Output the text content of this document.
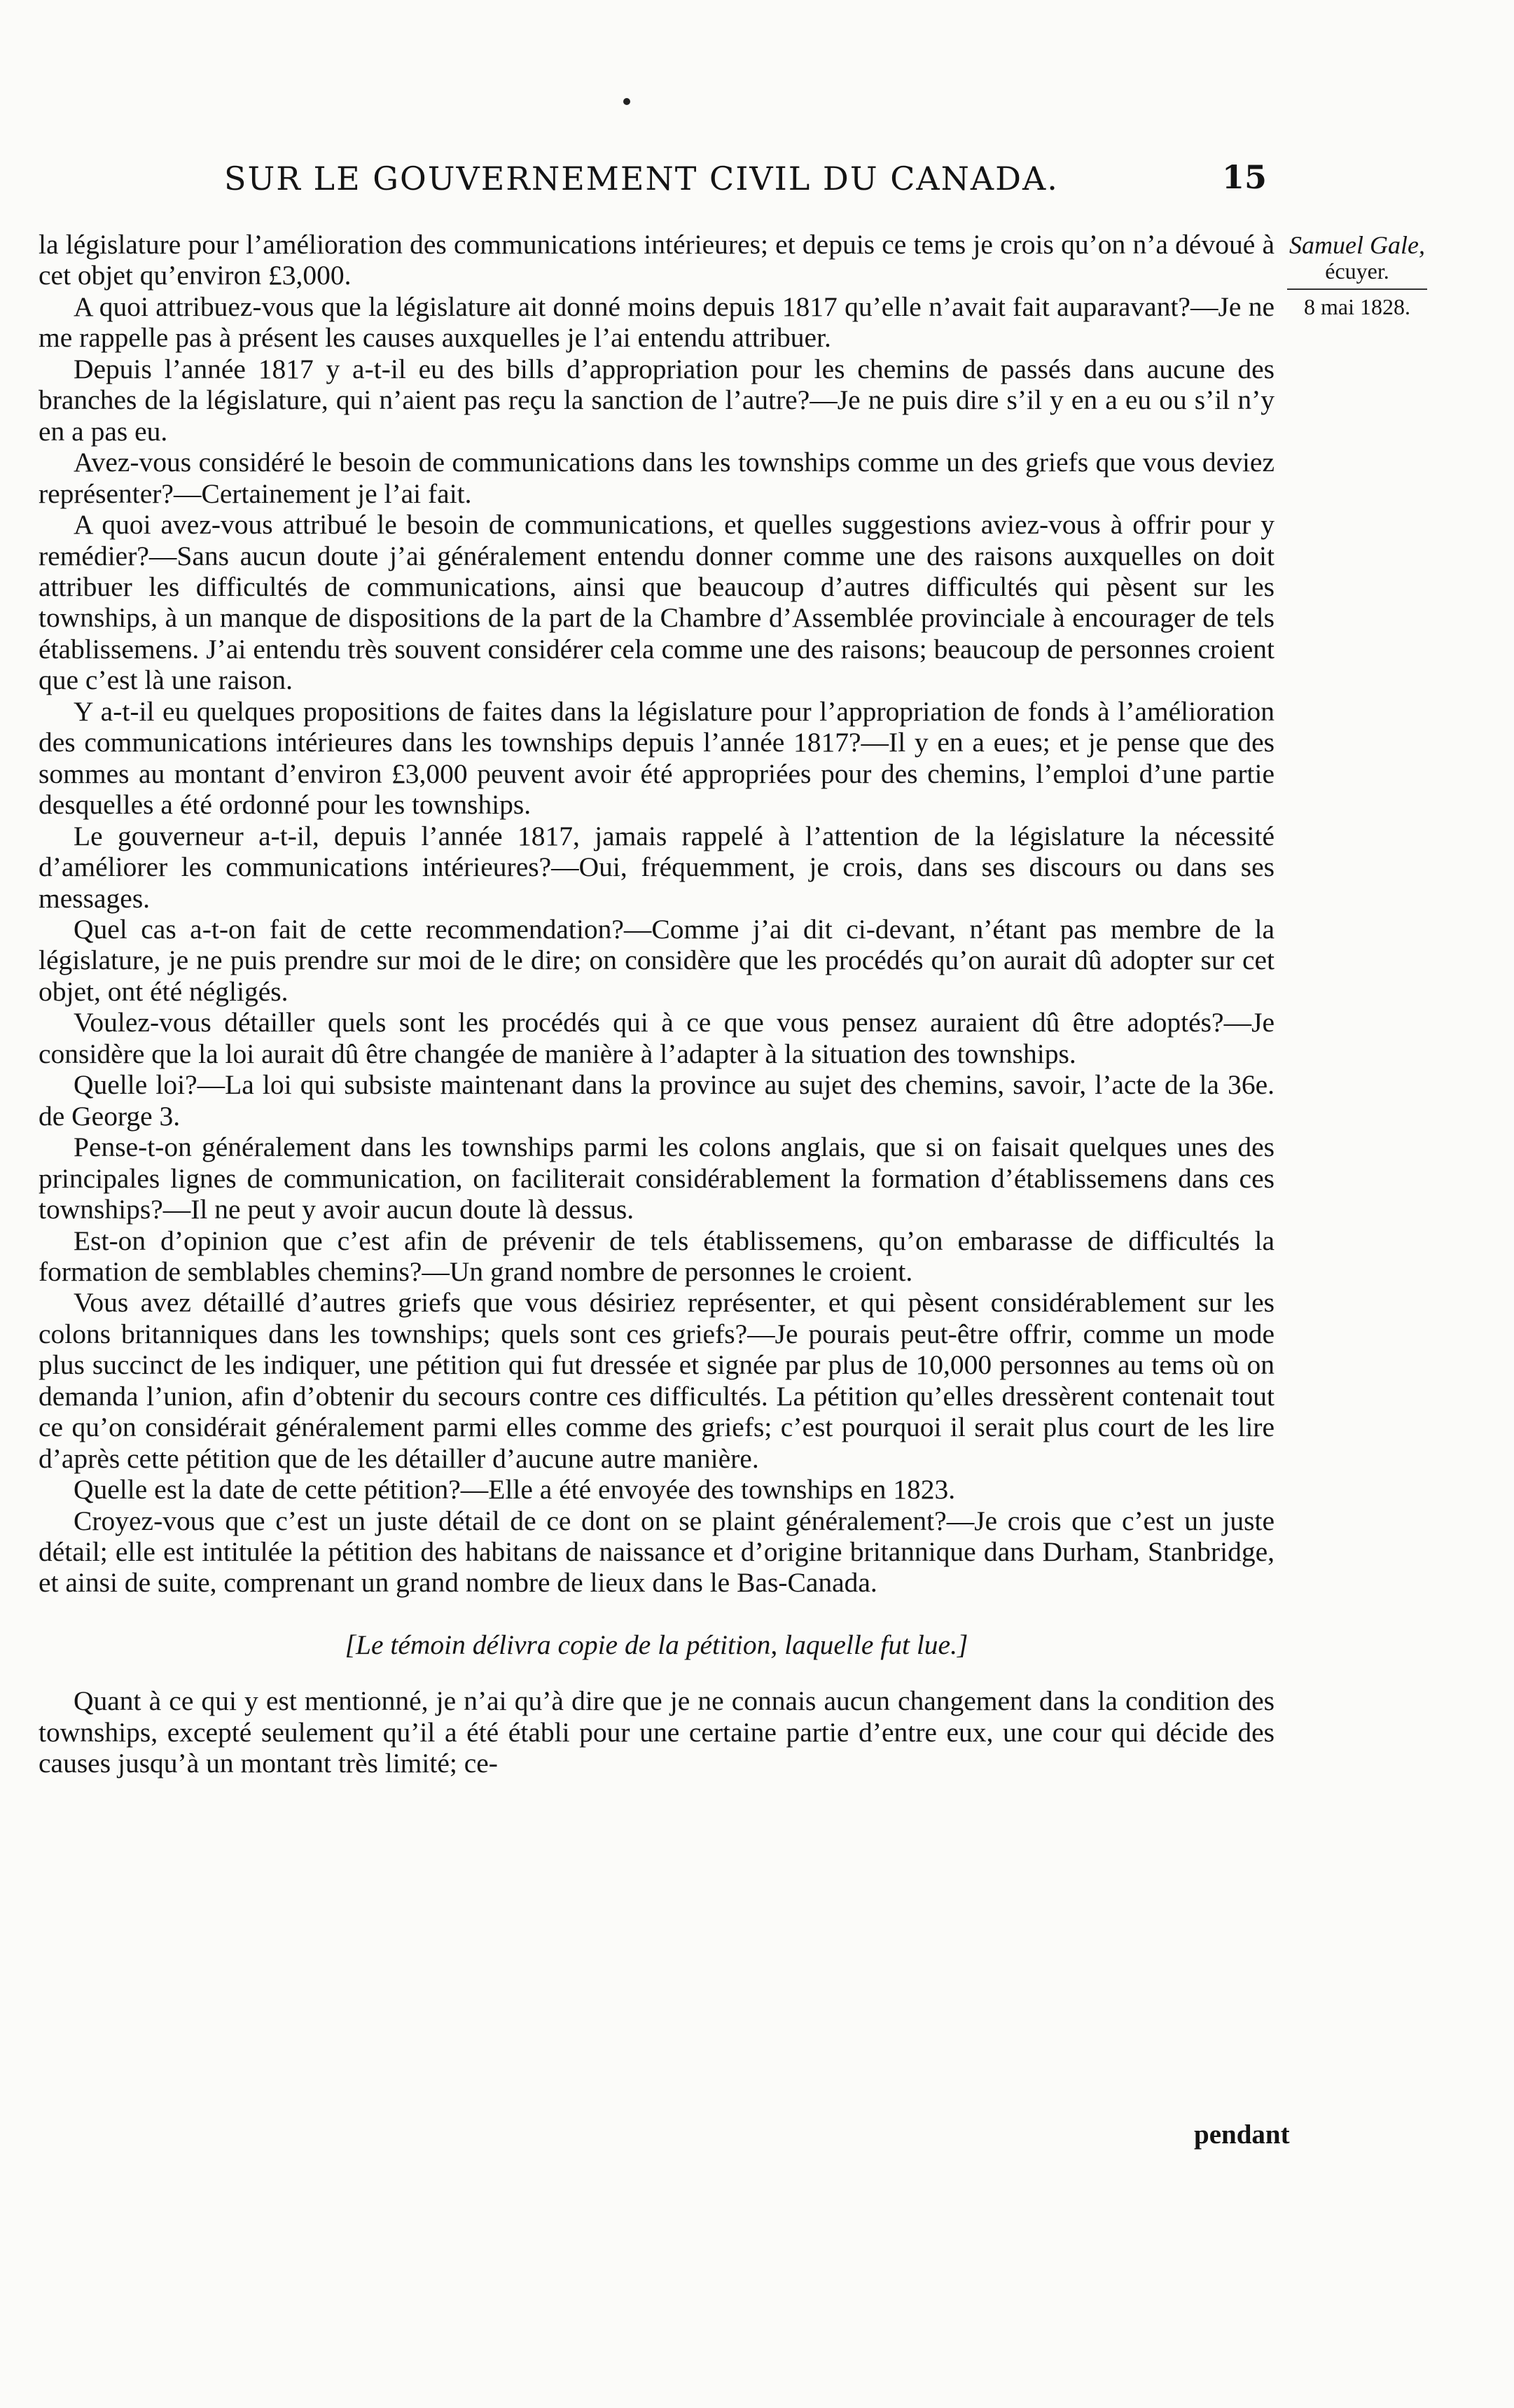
SUR LE GOUVERNEMENT CIVIL DU CANADA.	15
Samuel Gale,
écuyer.
8 mai 1828.

la législature pour l’amélioration des communications intérieures; et depuis ce tems je crois qu’on n’a dévoué à cet objet qu’environ £3,000.

A quoi attribuez-vous que la législature ait donné moins depuis 1817 qu’elle n’avait fait auparavant?—Je ne me rappelle pas à présent les causes auxquelles je l’ai entendu attribuer.

Depuis l’année 1817 y a-t-il eu des bills d’appropriation pour les chemins de passés dans aucune des branches de la législature, qui n’aient pas reçu la sanction de l’autre?—Je ne puis dire s’il y en a eu ou s’il n’y en a pas eu.

Avez-vous considéré le besoin de communications dans les townships comme un des griefs que vous deviez représenter?—Certainement je l’ai fait.

A quoi avez-vous attribué le besoin de communications, et quelles suggestions aviez-vous à offrir pour y remédier?—Sans aucun doute j’ai généralement entendu donner comme une des raisons auxquelles on doit attribuer les difficultés de communications, ainsi que beaucoup d’autres difficultés qui pèsent sur les townships, à un manque de dispositions de la part de la Chambre d’Assemblée provinciale à encourager de tels établissemens. J’ai entendu très souvent considérer cela comme une des raisons; beaucoup de personnes croient que c’est là une raison.

Y a-t-il eu quelques propositions de faites dans la législature pour l’appropriation de fonds à l’amélioration des communications intérieures dans les townships depuis l’année 1817?—Il y en a eues; et je pense que des sommes au montant d’environ £3,000 peuvent avoir été appropriées pour des chemins, l’emploi d’une partie desquelles a été ordonné pour les townships.

Le gouverneur a-t-il, depuis l’année 1817, jamais rappelé à l’attention de la législature la nécessité d’améliorer les communications intérieures?—Oui, fréquemment, je crois, dans ses discours ou dans ses messages.

Quel cas a-t-on fait de cette recommendation?—Comme j’ai dit ci-devant, n’étant pas membre de la législature, je ne puis prendre sur moi de le dire; on considère que les procédés qu’on aurait dû adopter sur cet objet, ont été négligés.

Voulez-vous détailler quels sont les procédés qui à ce que vous pensez auraient dû être adoptés?—Je considère que la loi aurait dû être changée de manière à l’adapter à la situation des townships.

Quelle loi?—La loi qui subsiste maintenant dans la province au sujet des chemins, savoir, l’acte de la 36e. de George 3.

Pense-t-on généralement dans les townships parmi les colons anglais, que si on faisait quelques unes des principales lignes de communication, on faciliterait considérablement la formation d’établissemens dans ces townships?—Il ne peut y avoir aucun doute là dessus.

Est-on d’opinion que c’est afin de prévenir de tels établissemens, qu’on embarasse de difficultés la formation de semblables chemins?—Un grand nombre de personnes le croient.

Vous avez détaillé d’autres griefs que vous désiriez représenter, et qui pèsent considérablement sur les colons britanniques dans les townships; quels sont ces griefs?—Je pourais peut-être offrir, comme un mode plus succinct de les indiquer, une pétition qui fut dressée et signée par plus de 10,000 personnes au tems où on demanda l’union, afin d’obtenir du secours contre ces difficultés. La pétition qu’elles dressèrent contenait tout ce qu’on considérait généralement parmi elles comme des griefs; c’est pourquoi il serait plus court de les lire d’après cette pétition que de les détailler d’aucune autre manière.

Quelle est la date de cette pétition?—Elle a été envoyée des townships en 1823.

Croyez-vous que c’est un juste détail de ce dont on se plaint généralement?—Je crois que c’est un juste détail; elle est intitulée la pétition des habitans de naissance et d’origine britannique dans Durham, Stanbridge, et ainsi de suite, comprenant un grand nombre de lieux dans le Bas-Canada.

[Le témoin délivra copie de la pétition, laquelle fut lue.]

Quant à ce qui y est mentionné, je n’ai qu’à dire que je ne connais aucun changement dans la condition des townships, excepté seulement qu’il a été établi pour une certaine partie d’entre eux, une cour qui décide des causes jusqu’à un montant très limité; ce-

pendant
